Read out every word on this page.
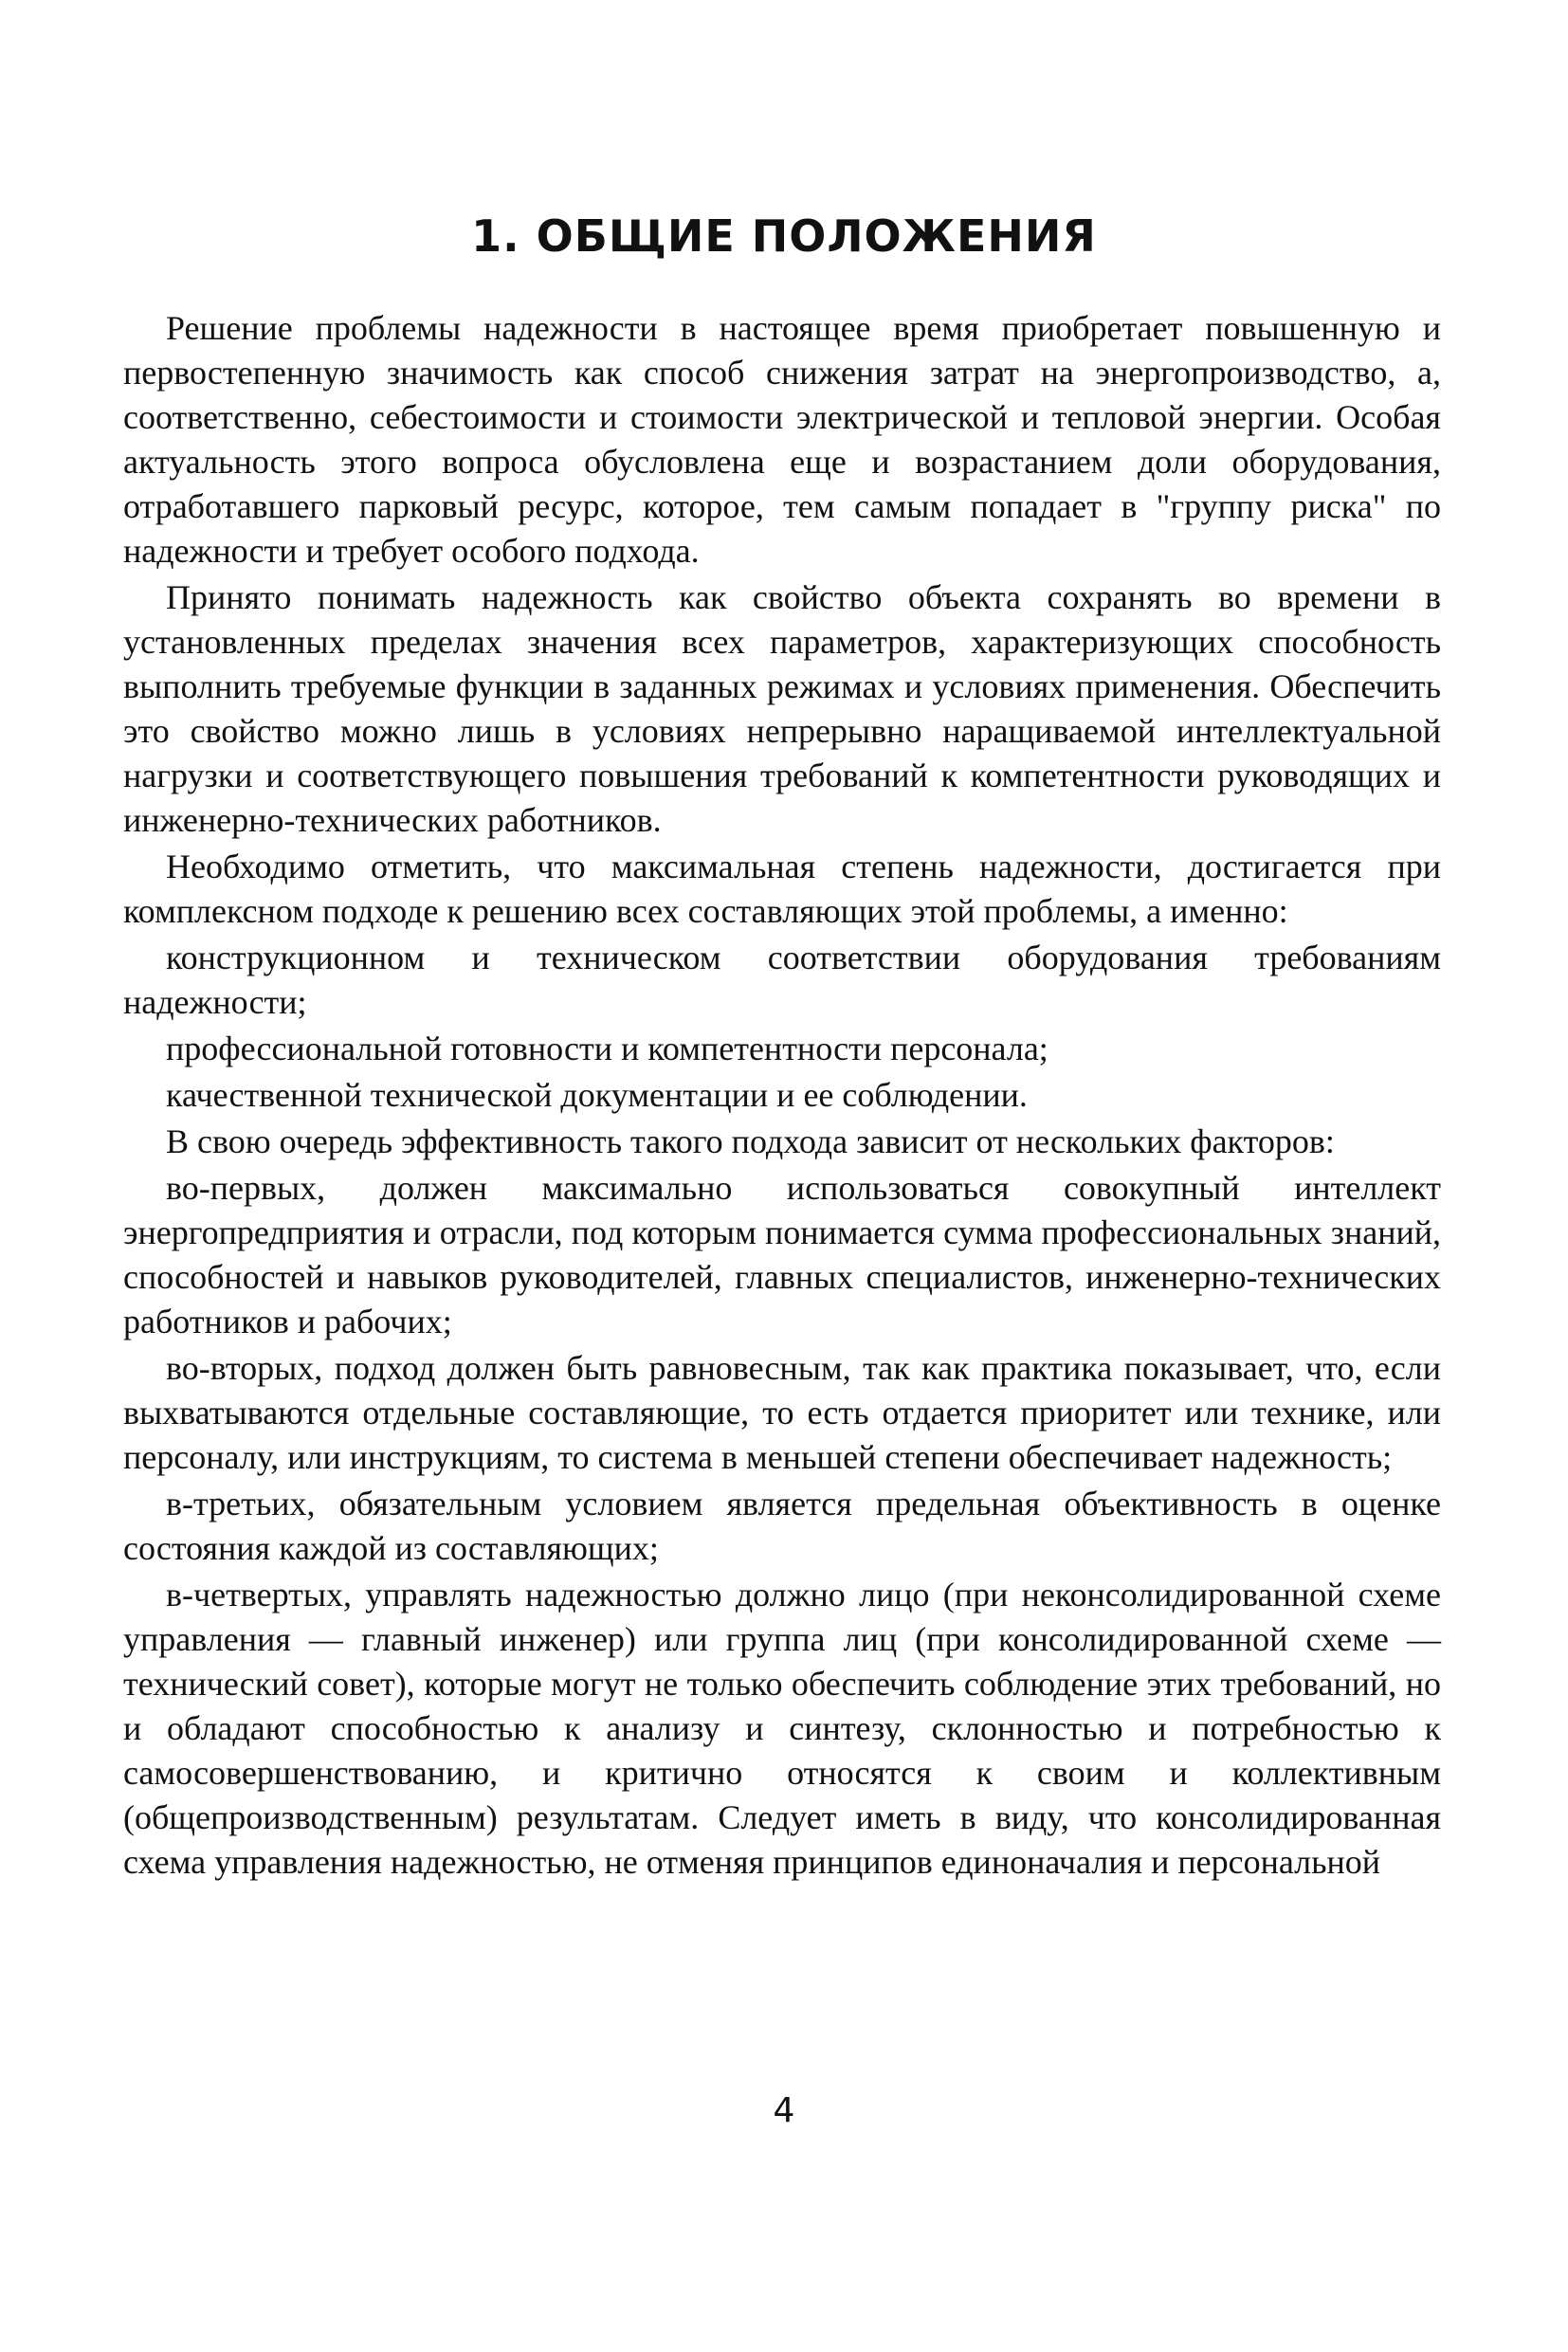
1. ОБЩИЕ ПОЛОЖЕНИЯ

Решение проблемы надежности в настоящее время приобретает повышенную и первостепенную значимость как способ снижения затрат на энергопроизводство, а, соответственно, себестоимости и стоимости электрической и тепловой энергии. Особая актуальность этого вопроса обусловлена еще и возрастанием доли оборудования, отработавшего парковый ресурс, которое, тем самым попадает в "группу риска" по надежности и требует особого подхода.

Принято понимать надежность как свойство объекта сохранять во времени в установленных пределах значения всех параметров, характеризующих способность выполнить требуемые функции в заданных режимах и условиях применения. Обеспечить это свойство можно лишь в условиях непрерывно наращиваемой интеллектуальной нагрузки и соответствующего повышения требований к компетентности руководящих и инженерно-технических работников.

Необходимо отметить, что максимальная степень надежности, достигается при комплексном подходе к решению всех составляющих этой проблемы, а именно:

конструкционном и техническом соответствии оборудования требованиям надежности;

профессиональной готовности и компетентности персонала;

качественной технической документации и ее соблюдении.

В свою очередь эффективность такого подхода зависит от нескольких факторов:

во-первых, должен максимально использоваться совокупный интеллект энергопредприятия и отрасли, под которым понимается сумма профессиональных знаний, способностей и навыков руководителей, главных специалистов, инженерно-технических работников и рабочих;

во-вторых, подход должен быть равновесным, так как практика показывает, что, если выхватываются отдельные составляющие, то есть отдается приоритет или технике, или персоналу, или инструкциям, то система в меньшей степени обеспечивает надежность;

в-третьих, обязательным условием является предельная объективность в оценке состояния каждой из составляющих;

в-четвертых, управлять надежностью должно лицо (при неконсолидированной схеме управления — главный инженер) или группа лиц (при консолидированной схеме — технический совет), которые могут не только обеспечить соблюдение этих требований, но и обладают способностью к анализу и синтезу, склонностью и потребностью к самосовершенствованию, и критично относятся к своим и коллективным (общепроизводственным) результатам. Следует иметь в виду, что консолидированная схема управления надежностью, не отменяя принципов единоначалия и персональной

4
